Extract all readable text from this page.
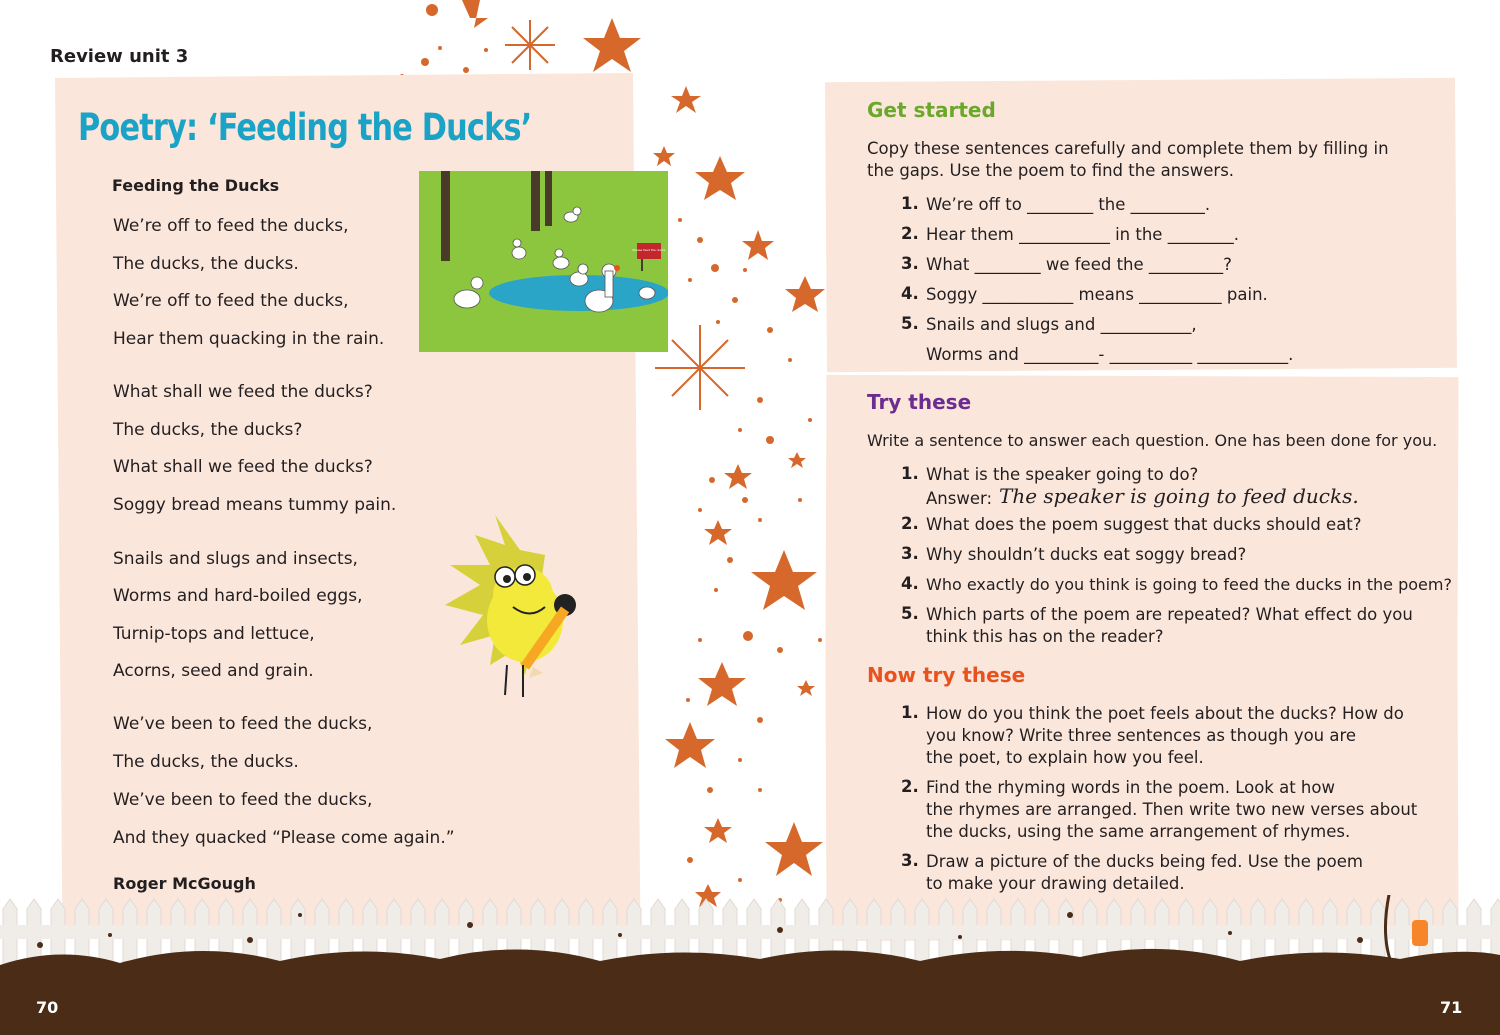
Review unit 3
Poetry: ‘Feeding the Ducks’
Feeding the Ducks
We’re off to feed the ducks,
The ducks, the ducks.
We’re off to feed the ducks,
Hear them quacking in the rain.
What shall we feed the ducks?
The ducks, the ducks?
What shall we feed the ducks?
Soggy bread means tummy pain.
Snails and slugs and insects,
Worms and hard-boiled eggs,
Turnip-tops and lettuce,
Acorns, seed and grain.
We’ve been to feed the ducks,
The ducks, the ducks.
We’ve been to feed the ducks,
And they quacked “Please come again.”
Roger McGough
Please feed the ducks
Get started
Copy these sentences carefully and complete them by filling in
the gaps. Use the poem to find the answers.
1. We’re off to ________ the _________.
2. Hear them ___________ in the ________.
3. What ________ we feed the _________?
4. Soggy ___________ means __________ pain.
5. Snails and slugs and ___________,
Worms and _________- __________ ___________.
Try these
Write a sentence to answer each question. One has been done for you.
1. What is the speaker going to do?
Answer: The speaker is going to feed ducks.
2. What does the poem suggest that ducks should eat?
3. Why shouldn’t ducks eat soggy bread?
4. Who exactly do you think is going to feed the ducks in the poem?
5. Which parts of the poem are repeated? What effect do you
think this has on the reader?
Now try these
1. How do you think the poet feels about the ducks? How do
you know? Write three sentences as though you are
the poet, to explain how you feel.
2. Find the rhyming words in the poem. Look at how
the rhymes are arranged. Then write two new verses about
the ducks, using the same arrangement of rhymes.
3. Draw a picture of the ducks being fed. Use the poem
to make your drawing detailed.
70	71
